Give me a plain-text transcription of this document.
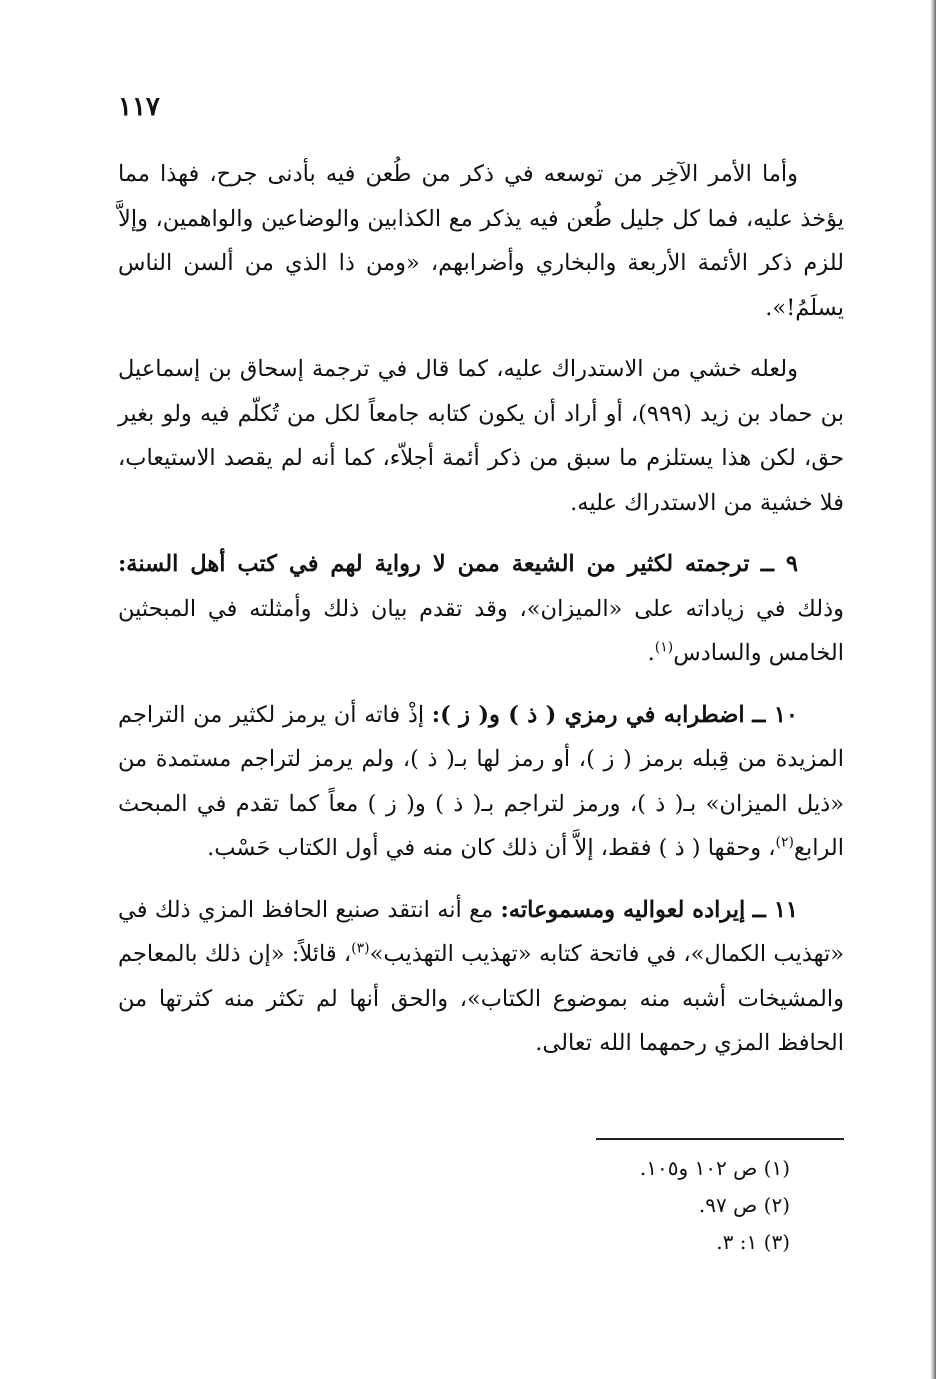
١١٧

وأما الأمر الآخِر من توسعه في ذكر من طُعن فيه بأدنى جرح، فهذا مما يؤخذ عليه، فما كل جليل طُعن فيه يذكر مع الكذابين والوضاعين والواهمين، وإلاَّ للزم ذكر الأئمة الأربعة والبخاري وأضرابهم، «ومن ذا الذي من ألسن الناس يسلَمُ!».

ولعله خشي من الاستدراك عليه، كما قال في ترجمة إسحاق بن إسماعيل بن حماد بن زيد (٩٩٩)، أو أراد أن يكون كتابه جامعاً لكل من تُكلّم فيه ولو بغير حق، لكن هذا يستلزم ما سبق من ذكر أئمة أجلاّء، كما أنه لم يقصد الاستيعاب، فلا خشية من الاستدراك عليه.

٩ ــ ترجمته لكثير من الشيعة ممن لا رواية لهم في كتب أهل السنة: وذلك في زياداته على «الميزان»، وقد تقدم بيان ذلك وأمثلته في المبحثين الخامس والسادس$^{(١)}$.

١٠ ــ اضطرابه في رمزي ( ذ ) و( ز ): إذْ فاته أن يرمز لكثير من التراجم المزيدة من قِبله برمز ( ز )، أو رمز لها بـ( ذ )، ولم يرمز لتراجم مستمدة من «ذيل الميزان» بـ( ذ )، ورمز لتراجم بـ( ذ ) و( ز ) معاً كما تقدم في المبحث الرابع$^{(٢)}$، وحقها ( ذ ) فقط، إلاَّ أن ذلك كان منه في أول الكتاب حَسْب.

١١ ــ إيراده لعواليه ومسموعاته: مع أنه انتقد صنيع الحافظ المزي ذلك في «تهذيب الكمال»، في فاتحة كتابه «تهذيب التهذيب»$^{(٣)}$، قائلاً: «إن ذلك بالمعاجم والمشيخات أشبه منه بموضوع الكتاب»، والحق أنها لم تكثر منه كثرتها من الحافظ المزي رحمهما الله تعالى.

(١) ص ١٠٢ و١٠٥.
(٢) ص ٩٧.
(٣) ١: ٣.
